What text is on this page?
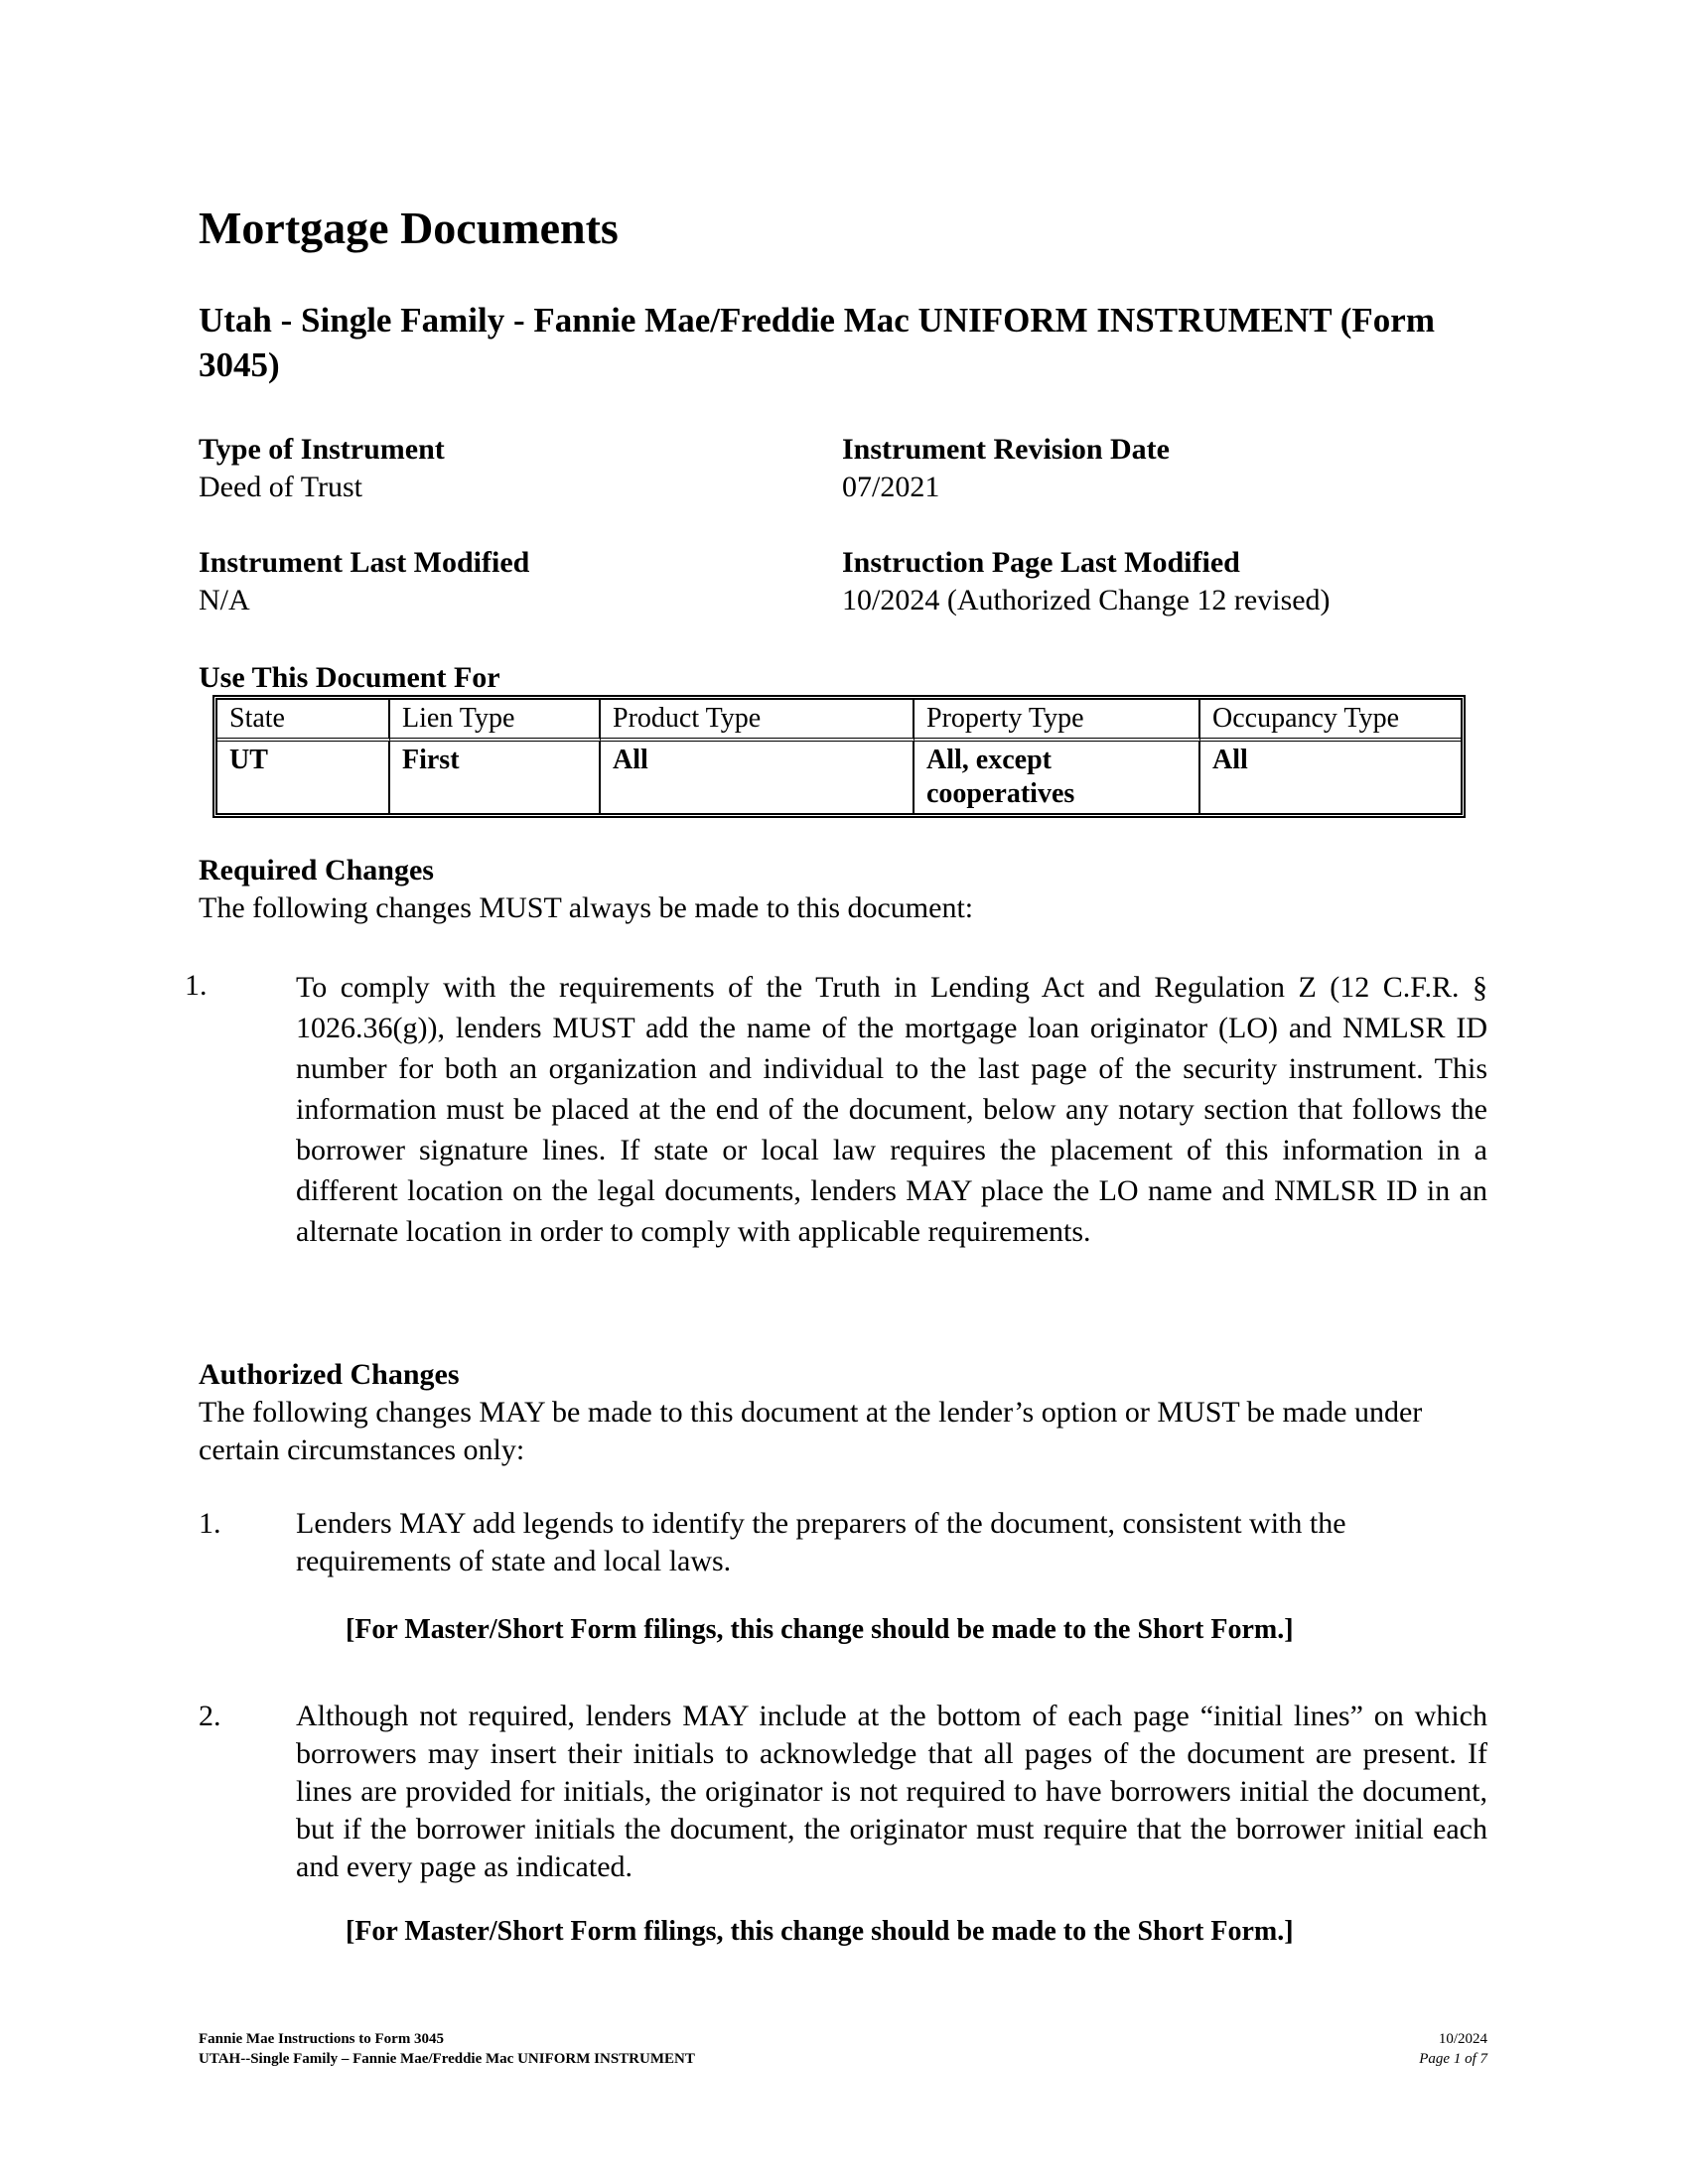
Mortgage Documents
Utah - Single Family - Fannie Mae/Freddie Mac UNIFORM INSTRUMENT (Form 3045)
Type of Instrument
Deed of Trust
Instrument Revision Date
07/2021
Instrument Last Modified
N/A
Instruction Page Last Modified
10/2024 (Authorized Change 12 revised)
Use This Document For
State	Lien Type	Product Type	Property Type	Occupancy Type
UT	First	All	All, except cooperatives	All
Required Changes
The following changes MUST always be made to this document:
1.	To comply with the requirements of the Truth in Lending Act and Regulation Z (12 C.F.R. § 1026.36(g)), lenders MUST add the name of the mortgage loan originator (LO) and NMLSR ID number for both an organization and individual to the last page of the security instrument. This information must be placed at the end of the document, below any notary section that follows the borrower signature lines. If state or local law requires the placement of this information in a different location on the legal documents, lenders MAY place the LO name and NMLSR ID in an alternate location in order to comply with applicable requirements.
Authorized Changes
The following changes MAY be made to this document at the lender’s option or MUST be made under certain circumstances only:
1.	Lenders MAY add legends to identify the preparers of the document, consistent with the requirements of state and local laws.
[For Master/Short Form filings, this change should be made to the Short Form.]
2.	Although not required, lenders MAY include at the bottom of each page “initial lines” on which borrowers may insert their initials to acknowledge that all pages of the document are present. If lines are provided for initials, the originator is not required to have borrowers initial the document, but if the borrower initials the document, the originator must require that the borrower initial each and every page as indicated.
[For Master/Short Form filings, this change should be made to the Short Form.]
Fannie Mae Instructions to Form 3045
UTAH--Single Family – Fannie Mae/Freddie Mac UNIFORM INSTRUMENT
10/2024
Page 1 of 7
